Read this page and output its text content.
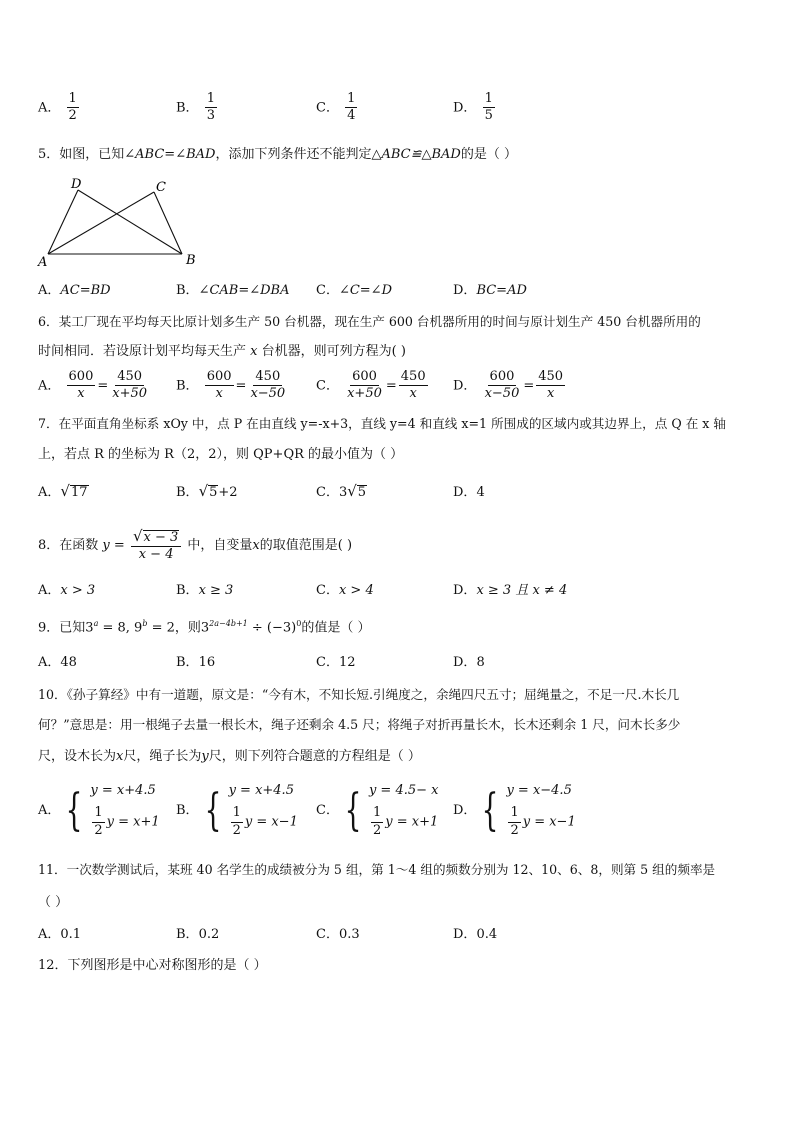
A． $\frac{1}{2}$	B． $\frac{1}{3}$	C． $\frac{1}{4}$	D． $\frac{1}{5}$
5．如图，已知∠ABC=∠BAD，添加下列条件还不能判定△ABC≌△BAD的是（ ）
D	C
A	B
A．AC=BD	B．∠CAB=∠DBA C．∠C=∠D	D．BC=AD
6．某工厂现在平均每天比原计划多生产 50 台机器，现在生产 600 台机器所用的时间与原计划生产 450 台机器所用的
时间相同．若设原计划平均每天生产 x 台机器，则可列方程为( )
A． $\frac{600}{x} = \frac{450}{x+50}$ B． $\frac{600}{x} = \frac{450}{x-50}$ C． $\frac{600}{x+50} = \frac{450}{x}$ D． $\frac{600}{x-50} = \frac{450}{x}$
7．在平面直角坐标系 xOy 中，点 P 在由直线 y=-x+3，直线 y=4 和直线 x=1 所围成的区域内或其边界上，点 Q 在 x 轴
上，若点 R 的坐标为 R（2，2），则 QP+QR 的最小值为（ ）
A．√17	B．√5+2	C．3√5	D．4
8．在函数 $y = \frac{√x - 3}{x - 4}$ 中，自变量x的取值范围是( )
A．x > 3	B．x ≥ 3	C．x > 4	D．x ≥ 3 且 x ≠ 4
9．已知$3^a = 8$, $9^b = 2$，则$3^{2a-4b+1} \div (-3)^0$的值是（ ）
A．48	B．16	C．12	D．8
10．《孙子算经》中有一道题，原文是：“今有木，不知长短.引绳度之，余绳四尺五寸；屈绳量之，不足一尺.木长几
何？”意思是：用一根绳子去量一根长木，绳子还剩余 4.5 尺；将绳子对折再量长木，长木还剩余 1 尺，问木长多少
尺，设木长为x尺，绳子长为y尺，则下列符合题意的方程组是（ ）
A． { y = x+4.5
$\frac{1}{2}$ y = x+1
B． { y = x+4.5
$\frac{1}{2}$ y = x−1
C． { y = 4.5− x
$\frac{1}{2}$ y = x+1
D． { y = x−4.5
$\frac{1}{2}$ y = x−1
11．一次数学测试后，某班 40 名学生的成绩被分为 5 组，第 1～4 组的频数分别为 12、10、6、8，则第 5 组的频率是
（ ）
A．0.1	B．0.2	C．0.3	D．0.4
12．下列图形是中心对称图形的是（ ）
